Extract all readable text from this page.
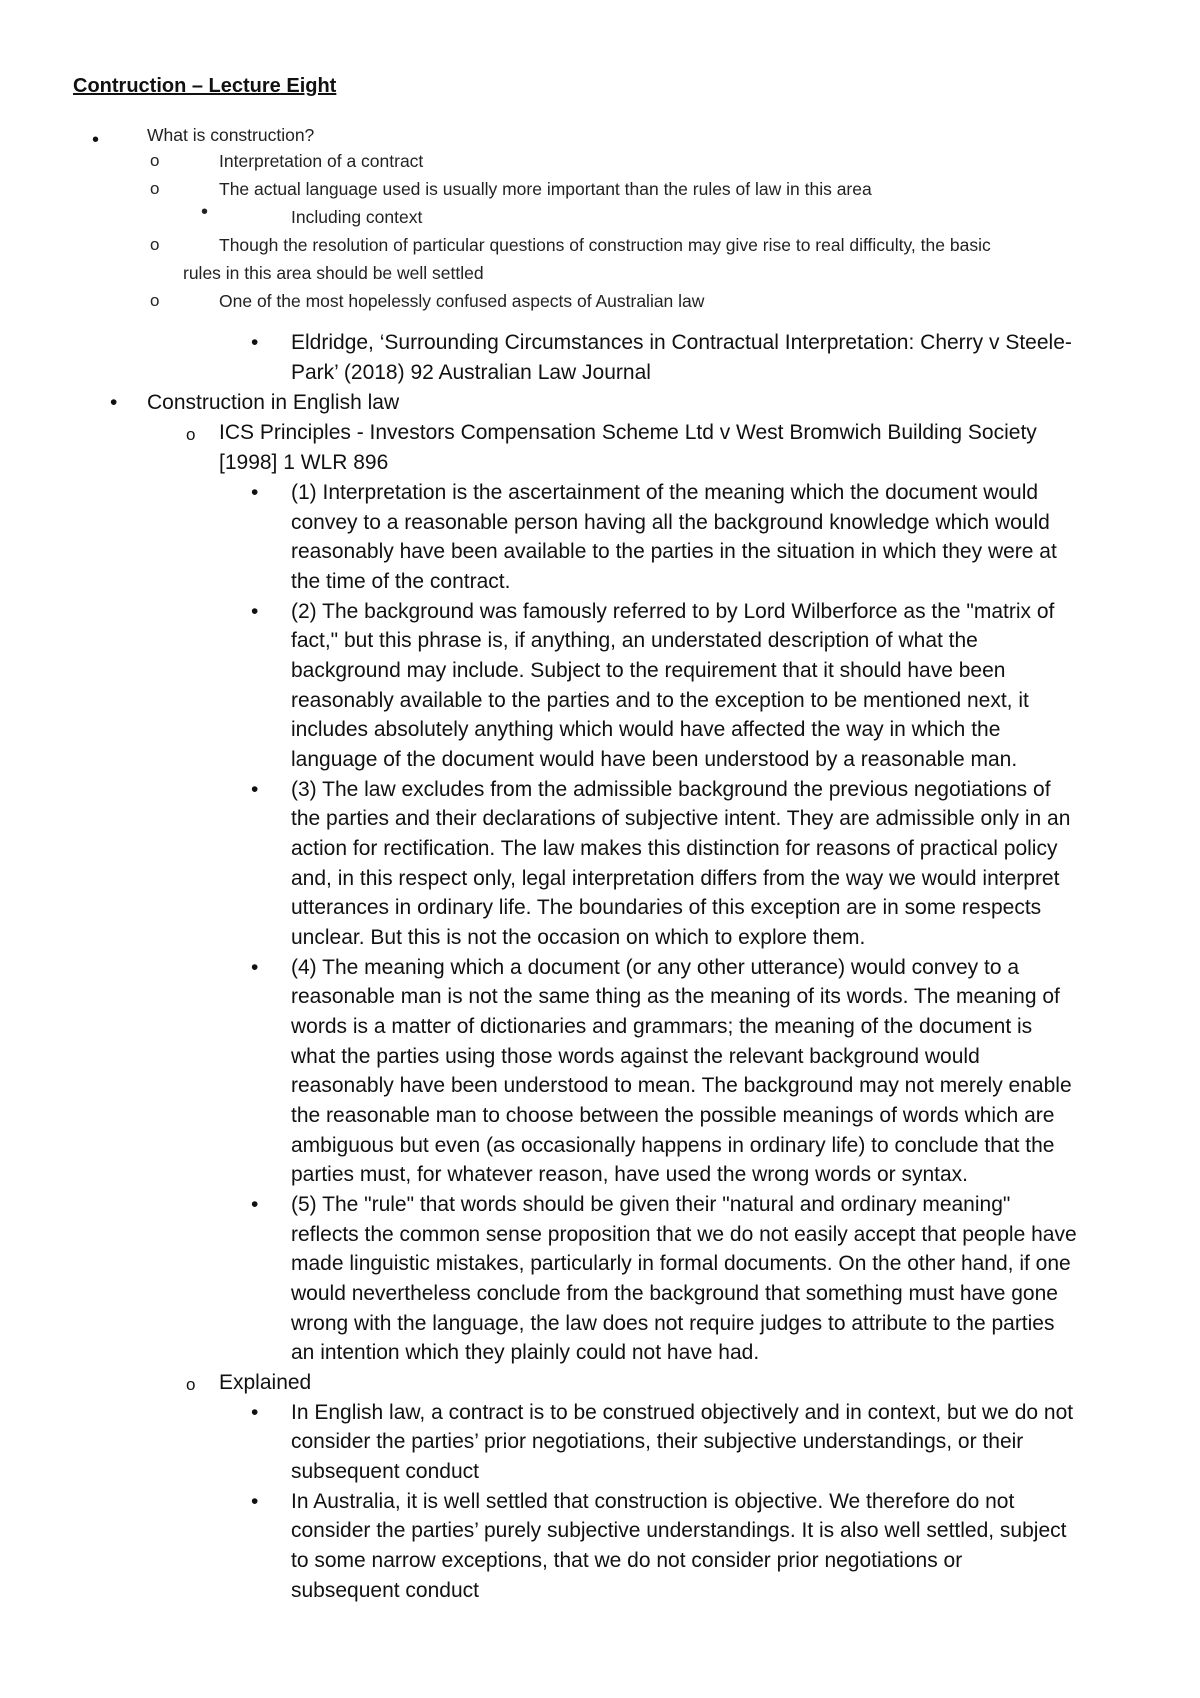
Contruction – Lecture Eight
•	What is construction?

o	Interpretation of a contract

o	The actual language used is usually more important than the rules of law in this area

•	Including context

o	Though the resolution of particular questions of construction may give rise to real difficulty, the basic

rules in this area should be well settled

o	One of the most hopelessly confused aspects of Australian law

• Eldridge, ‘Surrounding Circumstances in Contractual Interpretation: Cherry v Steele-

Park’ (2018) 92 Australian Law Journal

• Construction in English law

o ICS Principles - Investors Compensation Scheme Ltd v West Bromwich Building Society

[1998] 1 WLR 896

• (1) Interpretation is the ascertainment of the meaning which the document would

convey to a reasonable person having all the background knowledge which would

reasonably have been available to the parties in the situation in which they were at

the time of the contract.

• (2) The background was famously referred to by Lord Wilberforce as the "matrix of

fact," but this phrase is, if anything, an understated description of what the

background may include. Subject to the requirement that it should have been

reasonably available to the parties and to the exception to be mentioned next, it

includes absolutely anything which would have affected the way in which the

language of the document would have been understood by a reasonable man.

• (3) The law excludes from the admissible background the previous negotiations of

the parties and their declarations of subjective intent. They are admissible only in an

action for rectification. The law makes this distinction for reasons of practical policy

and, in this respect only, legal interpretation differs from the way we would interpret

utterances in ordinary life. The boundaries of this exception are in some respects

unclear. But this is not the occasion on which to explore them.

• (4) The meaning which a document (or any other utterance) would convey to a

reasonable man is not the same thing as the meaning of its words. The meaning of

words is a matter of dictionaries and grammars; the meaning of the document is

what the parties using those words against the relevant background would

reasonably have been understood to mean. The background may not merely enable

the reasonable man to choose between the possible meanings of words which are

ambiguous but even (as occasionally happens in ordinary life) to conclude that the

parties must, for whatever reason, have used the wrong words or syntax.

• (5) The "rule" that words should be given their "natural and ordinary meaning"

reflects the common sense proposition that we do not easily accept that people have

made linguistic mistakes, particularly in formal documents. On the other hand, if one

would nevertheless conclude from the background that something must have gone

wrong with the language, the law does not require judges to attribute to the parties

an intention which they plainly could not have had.

o Explained

• In English law, a contract is to be construed objectively and in context, but we do not

consider the parties’ prior negotiations, their subjective understandings, or their

subsequent conduct

• In Australia, it is well settled that construction is objective. We therefore do not

consider the parties’ purely subjective understandings. It is also well settled, subject

to some narrow exceptions, that we do not consider prior negotiations or

subsequent conduct
